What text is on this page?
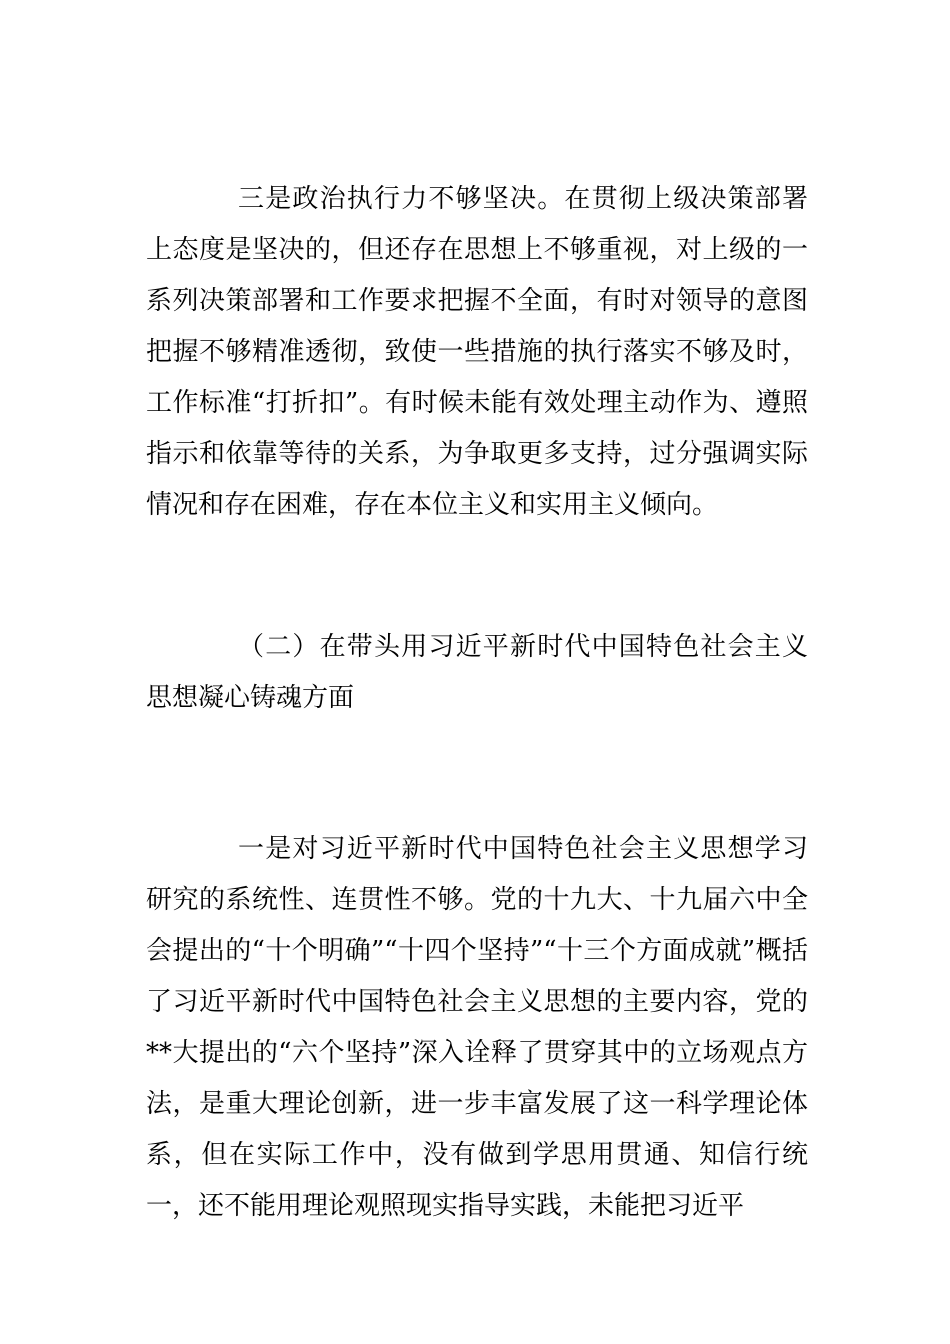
三是政治执行力不够坚决。在贯彻上级决策部署上态度是坚决的，但还存在思想上不够重视，对上级的一系列决策部署和工作要求把握不全面，有时对领导的意图把握不够精准透彻，致使一些措施的执行落实不够及时，工作标准“打折扣”。有时候未能有效处理主动作为、遵照指示和依靠等待的关系，为争取更多支持，过分强调实际情况和存在困难，存在本位主义和实用主义倾向。

（二）在带头用习近平新时代中国特色社会主义思想凝心铸魂方面

一是对习近平新时代中国特色社会主义思想学习研究的系统性、连贯性不够。党的十九大、十九届六中全会提出的“十个明确”“十四个坚持”“十三个方面成就”概括了习近平新时代中国特色社会主义思想的主要内容，党的**大提出的“六个坚持”深入诠释了贯穿其中的立场观点方法，是重大理论创新，进一步丰富发展了这一科学理论体系，但在实际工作中，没有做到学思用贯通、知信行统一，还不能用理论观照现实指导实践，未能把习近平
